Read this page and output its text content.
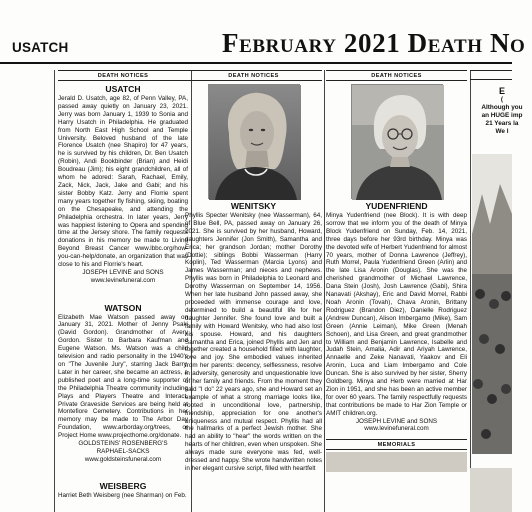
USATCH	February 2021 Death No
DEATH NOTICES
USATCH

Jerald D. Usatch, age 82, of Penn Valley, PA, passed away quietly on January 23, 2021. Jerry was born January 1, 1939 to Sonia and Harry Usatch in Philadelphia. He graduated from North East High School and Temple University. Beloved husband of the late Florence Usatch (nee Shapiro) for 47 years, he is survived by his children, Dr. Ben Usatch (Robin), Andi Bookbinder (Brian) and Heidi Boudreau (Jim); his eight grandchildren, all of whom he adored: Sarah, Rachael, Emily, Zack, Nick, Jack, Jake and Gabi; and his sister Bobby Katz. Jerry and Florrie spent many years together fly fishing, skiing, boating on the Chesapeake, and attending the Philadelphia orchestra. In later years, Jerry was happiest listening to Opera and spending time at the Jersey shore. The family requests donations in his memory be made to Living Beyond Breast Cancer www.lbbc.org/how-you-can-help/donate, an organization that was close to his and Florrie's heart.

JOSEPH LEVINE and SONS
www.levinefuneral.com
WATSON

Elizabeth Mae Watson passed away on January 31, 2021. Mother of Jenny Psaki (David Gordon). Grandmother of Avery Gordon. Sister to Barbara Kaufman and Eugene Watson. Ms. Watson was a child television and radio personality in the 1940's on "The Juvenile Jury", starring Jack Barry. Later in her career, she became an actress, a published poet and a long-time supporter of the Philadelphia Theatre community including Plays and Players Theatre and Interact. Private Graveside Services are being held at Montefiore Cemetery. Contributions in her memory may be made to The Arbor Day Foundation, www.arborday.org/trees, or Project Home www.projecthome.org/donate.

GOLDSTEINS' ROSENBERG'S
RAPHAEL-SACKS
www.goldsteinsfuneral.com
WEISBERG

Harriet Beth Weisberg (nee Sharman) on Feb.

DEATH NOTICES
WENITSKY

Phyllis Specter Wenitsky (nee Wasserman), 64, of Blue Bell, PA, passed away on January 26, 2021. She is survived by her husband, Howard, daughters Jennifer (Jon Smith), Samantha and Erica; her grandson Jordan; mother Dorothy (Dottie); siblings Bobbi Wasserman (Harry Koplin), Ted Wasserman (Marcia Lyons) and James Wasserman; and nieces and nephews. Phyllis was born in Philadelphia to Leonard and Dorothy Wasserman on September 14, 1956. When her late husband John passed away, she proceeded with immense courage and love, determined to build a beautiful life for her daughter Jennifer. She found love and built a family with Howard Wenitsky, who had also lost his spouse. Howard, and his daughters Samantha and Erica, joined Phyllis and Jen and together created a household filled with laughter, love and joy. She embodied values inherited from her parents: decency, selflessness, resolve in adversity, generosity and unquestionable love of her family and friends. From the moment they said "I do" 22 years ago, she and Howard set an example of what a strong marriage looks like, rooted in unconditional love, partnership, friendship, appreciation for one another's uniqueness and mutual respect. Phyllis had all the hallmarks of a perfect Jewish mother. She had an ability to "hear" the words written on the hearts of her children, even when unspoken. She always made sure everyone was fed, well-dressed and happy. She wrote handwritten notes in her elegant cursive script, filled with heartfelt

DEATH NOTICES
YUDENFRIEND

Minya Yudenfriend (nee Block). It is with deep sorrow that we inform you of the death of Minya Block Yudenfriend on Sunday, Feb. 14, 2021, three days before her 93rd birthday. Minya was the devoted wife of Herbert Yudenfriend for almost 70 years, mother of Donna Lawrence (Jeffrey), Ruth Morrel, Paula Yudenfriend Green (Arlin) and the late Lisa Aronin (Douglas). She was the cherished grandmother of Michael Lawrence, Dana Stein (Josh), Josh Lawrence (Gabi), Shira Nanavati (Akshay), Eric and David Morrel, Rabbi Noah Aronin (Tovah), Chava Aronin, Brittany Rodriguez (Brandon Diez), Danielle Rodriguez (Andrew Duncan), Alison Imbergamo (Mike), Sam Green (Annie Leiman), Mike Green (Menah Schoen), and Lisa Green, and great grandmother to William and Benjamin Lawrence, Isabelle and Judah Stein, Amalia, Adir and Ariyah Lawrence, Annaelle and Zeke Nanavati, Yaakov and Eli Aronin, Luca and Liam Imbergamo and Cole Duncan. She is also survived by her sister, Sherry Goldberg. Minya and Herb were married at Har Zion in 1951, and she has been an active member for over 60 years. The family respectfully requests that contributions be made to Har Zion Temple or AMIT children.org.

JOSEPH LEVINE and SONS
www.levinefuneral.com
MEMORIALS
E
(
Although you
an HUGE imp
21 Years la
We l
